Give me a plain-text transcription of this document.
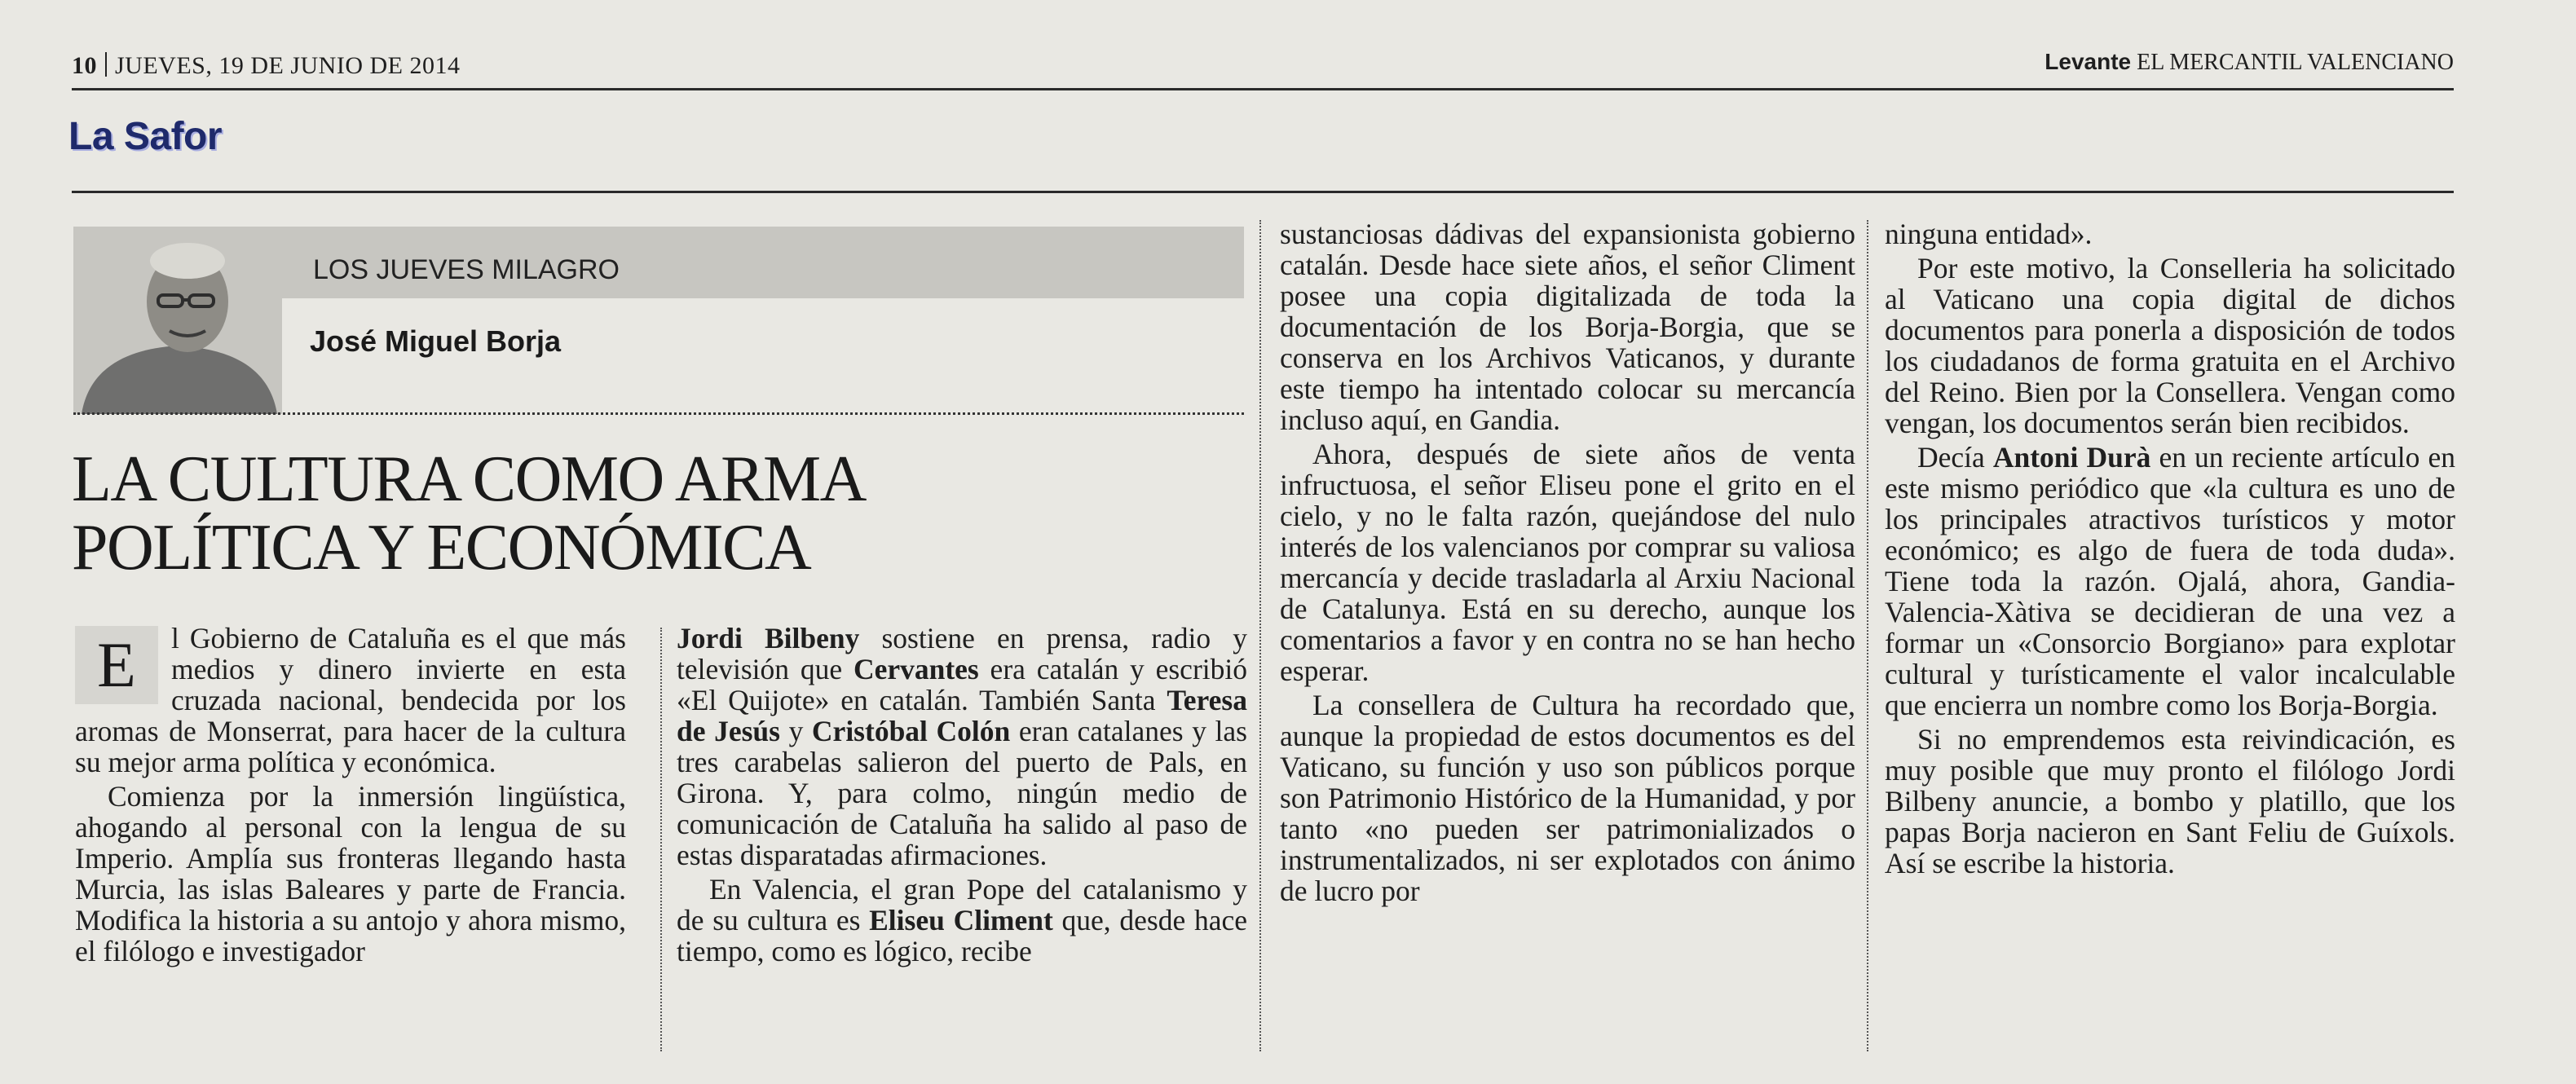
10 JUEVES, 19 DE JUNIO DE 2014	Levante EL MERCANTIL VALENCIANO
La Safor
LOS JUEVES MILAGRO
José Miguel Borja
LA CULTURA COMO ARMA
POLÍTICA Y ECONÓMICA

E	l Gobierno de Cataluña es el que más medios y dinero invierte en esta cruzada nacional, bendecida por los aromas de Monserrat, para hacer de la cultura su mejor arma política y económica.

Comienza por la inmersión lingüística, ahogando al personal con la lengua de su Imperio. Amplía sus fronteras llegando hasta Murcia, las islas Baleares y parte de Francia. Modifica la historia a su antojo y ahora mismo, el filólogo e investigador

Jordi Bilbeny sostiene en prensa, radio y televisión que Cervantes era catalán y escribió «El Quijote» en catalán. También Santa Teresa de Jesús y Cristóbal Colón eran catalanes y las tres carabelas salieron del puerto de Pals, en Girona. Y, para colmo, ningún medio de comunicación de Cataluña ha salido al paso de estas disparatadas afirmaciones.

En Valencia, el gran Pope del catalanismo y de su cultura es Eliseu Climent que, desde hace tiempo, como es lógico, recibe

sustanciosas dádivas del expansionista gobierno catalán. Desde hace siete años, el señor Climent posee una copia digitalizada de toda la documentación de los Borja-Borgia, que se conserva en los Archivos Vaticanos, y durante este tiempo ha intentado colocar su mercancía incluso aquí, en Gandia.

Ahora, después de siete años de venta infructuosa, el señor Eliseu pone el grito en el cielo, y no le falta razón, quejándose del nulo interés de los valencianos por comprar su valiosa mercancía y decide trasladarla al Arxiu Nacional de Catalunya. Está en su derecho, aunque los comentarios a favor y en contra no se han hecho esperar.

La consellera de Cultura ha recordado que, aunque la propiedad de estos documentos es del Vaticano, su función y uso son públicos porque son Patrimonio Histórico de la Humanidad, y por tanto «no pueden ser patrimonializados o instrumentalizados, ni ser explotados con ánimo de lucro por

ninguna entidad».

Por este motivo, la Conselleria ha solicitado al Vaticano una copia digital de dichos documentos para ponerla a disposición de todos los ciudadanos de forma gratuita en el Archivo del Reino. Bien por la Consellera. Vengan como vengan, los documentos serán bien recibidos.

Decía Antoni Durà en un reciente artículo en este mismo periódico que «la cultura es uno de los principales atractivos turísticos y motor económico; es algo de fuera de toda duda». Tiene toda la razón. Ojalá, ahora, Gandia-Valencia-Xàtiva se decidieran de una vez a formar un «Consorcio Borgiano» para explotar cultural y turísticamente el valor incalculable que encierra un nombre como los Borja-Borgia.

Si no emprendemos esta reivindicación, es muy posible que muy pronto el filólogo Jordi Bilbeny anuncie, a bombo y platillo, que los papas Borja nacieron en Sant Feliu de Guíxols. Así se escribe la historia.
